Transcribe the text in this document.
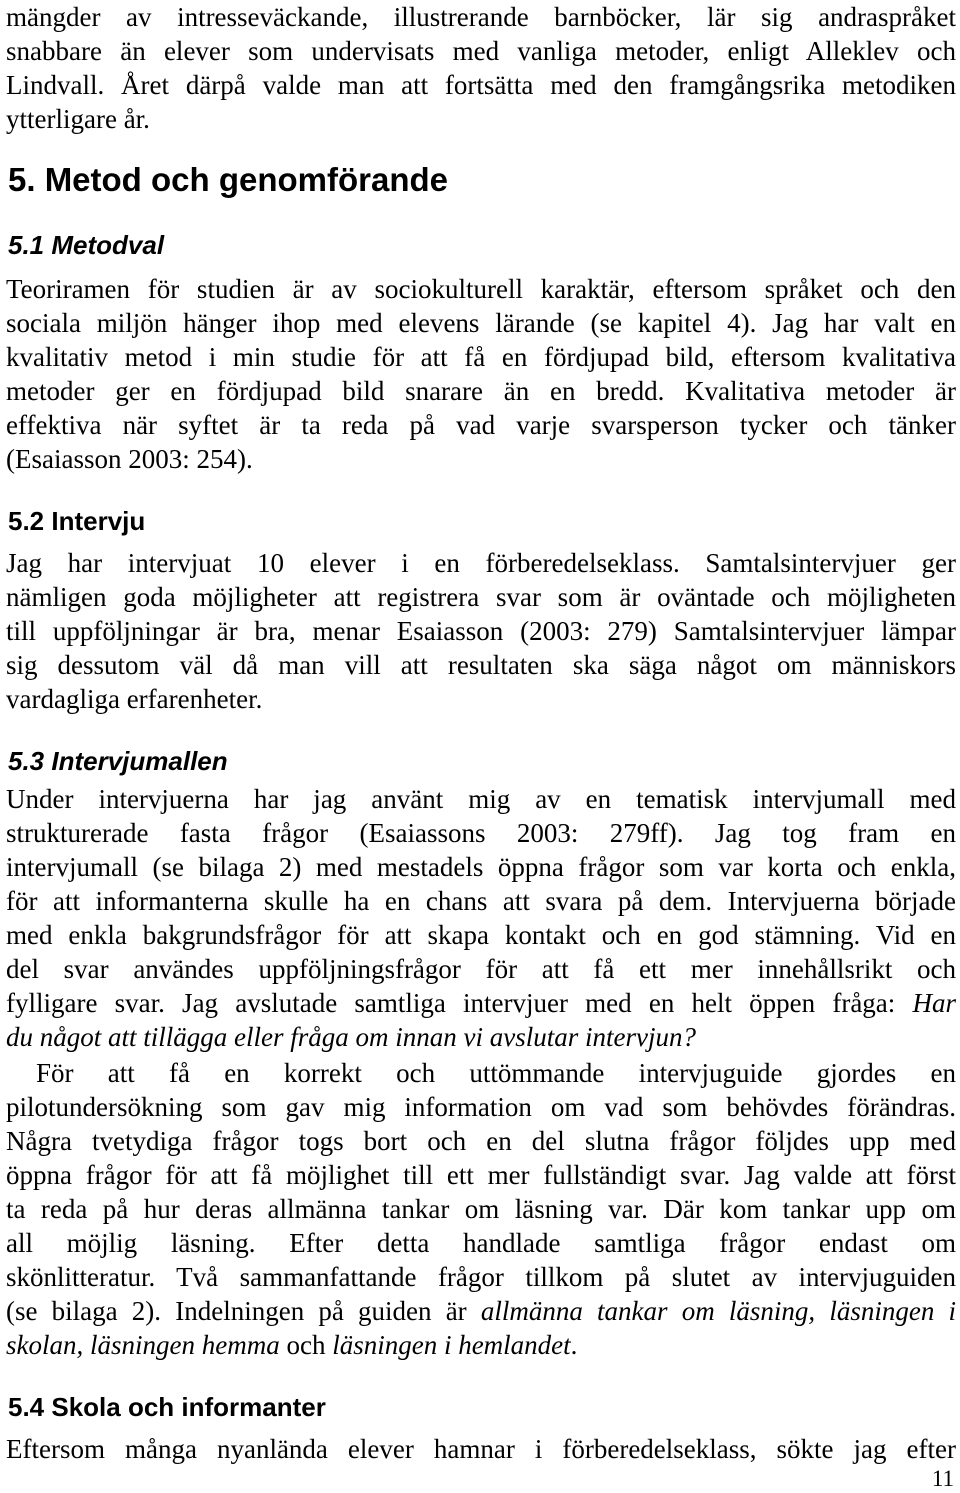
mängder av intresseväckande, illustrerande barnböcker, lär sig andraspråket

snabbare än elever som undervisats med vanliga metoder, enligt Alleklev och

Lindvall. Året därpå valde man att fortsätta med den framgångsrika metodiken

ytterligare år.

5. Metod och genomförande
5.1 Metodval

Teoriramen för studien är av sociokulturell karaktär, eftersom språket och den

sociala miljön hänger ihop med elevens lärande (se kapitel 4). Jag har valt en

kvalitativ metod i min studie för att få en fördjupad bild, eftersom kvalitativa

metoder ger en fördjupad bild snarare än en bredd. Kvalitativa metoder är

effektiva när syftet är ta reda på vad varje svarsperson tycker och tänker

(Esaiasson 2003: 254).

5.2 Intervju

Jag har intervjuat 10 elever i en förberedelseklass. Samtalsintervjuer ger

nämligen goda möjligheter att registrera svar som är oväntade och möjligheten

till uppföljningar är bra, menar Esaiasson (2003: 279) Samtalsintervjuer lämpar

sig dessutom väl då man vill att resultaten ska säga något om människors

vardagliga erfarenheter.

5.3 Intervjumallen

Under intervjuerna har jag använt mig av en tematisk intervjumall med

strukturerade fasta frågor (Esaiassons 2003: 279ff). Jag tog fram en

intervjumall (se bilaga 2) med mestadels öppna frågor som var korta och enkla,

för att informanterna skulle ha en chans att svara på dem. Intervjuerna började

med enkla bakgrundsfrågor för att skapa kontakt och en god stämning. Vid en

del svar användes uppföljningsfrågor för att få ett mer innehållsrikt och

fylligare svar. Jag avslutade samtliga intervjuer med en helt öppen fråga: Har

du något att tillägga eller fråga om innan vi avslutar intervjun?

För att få en korrekt och uttömmande intervjuguide gjordes en

pilotundersökning som gav mig information om vad som behövdes förändras.

Några tvetydiga frågor togs bort och en del slutna frågor följdes upp med

öppna frågor för att få möjlighet till ett mer fullständigt svar. Jag valde att först

ta reda på hur deras allmänna tankar om läsning var. Där kom tankar upp om

all möjlig läsning. Efter detta handlade samtliga frågor endast om

skönlitteratur. Två sammanfattande frågor tillkom på slutet av intervjuguiden

(se bilaga 2). Indelningen på guiden är allmänna tankar om läsning, läsningen i

skolan, läsningen hemma och läsningen i hemlandet.

5.4 Skola och informanter

Eftersom många nyanlända elever hamnar i förberedelseklass, sökte jag efter

11
